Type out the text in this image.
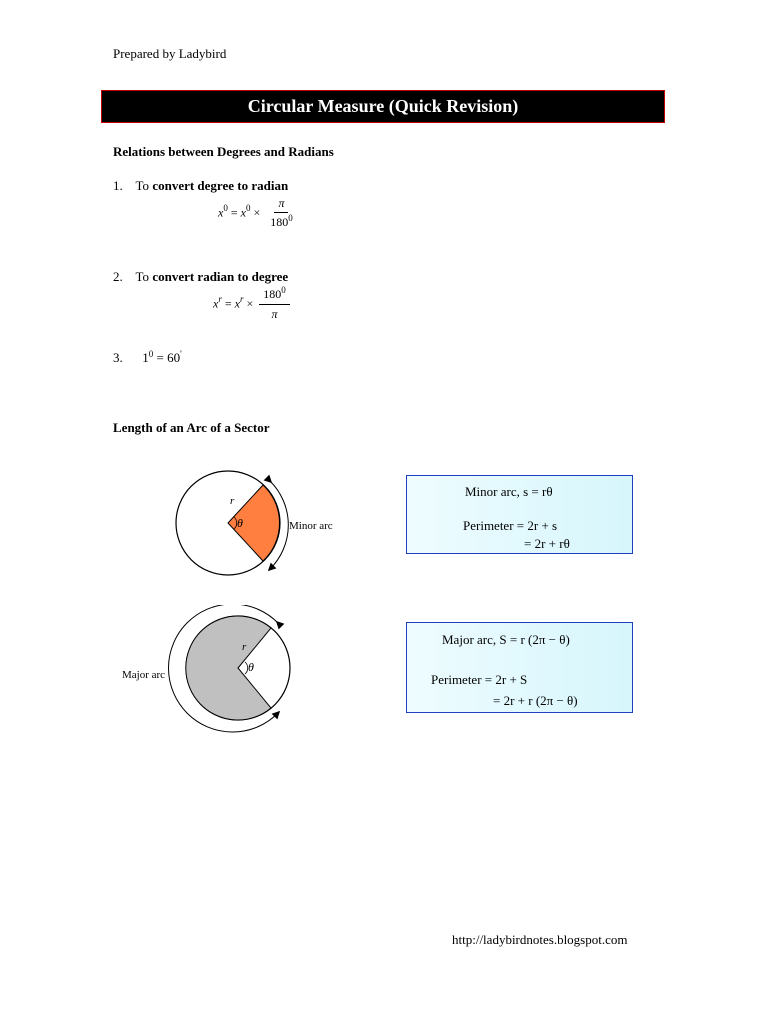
Prepared by Ladybird
Circular Measure (Quick Revision)
Relations between Degrees and Radians
1. To convert degree to radian
$x^0 = x^0 \times \frac{\pi}{180^0}$
2. To convert radian to degree
$x^r = x^r \times \frac{180^0}{\pi}$
3. $1^0 = 60'$
Length of an Arc of a Sector
r
θ	Minor arc
Minor arc, s = rθ
Perimeter = 2r + s
= 2r + rθ
r
θ
Major arc
Major arc, S = r (2π − θ)
Perimeter = 2r + S
= 2r + r (2π − θ)
http://ladybirdnotes.blogspot.com
